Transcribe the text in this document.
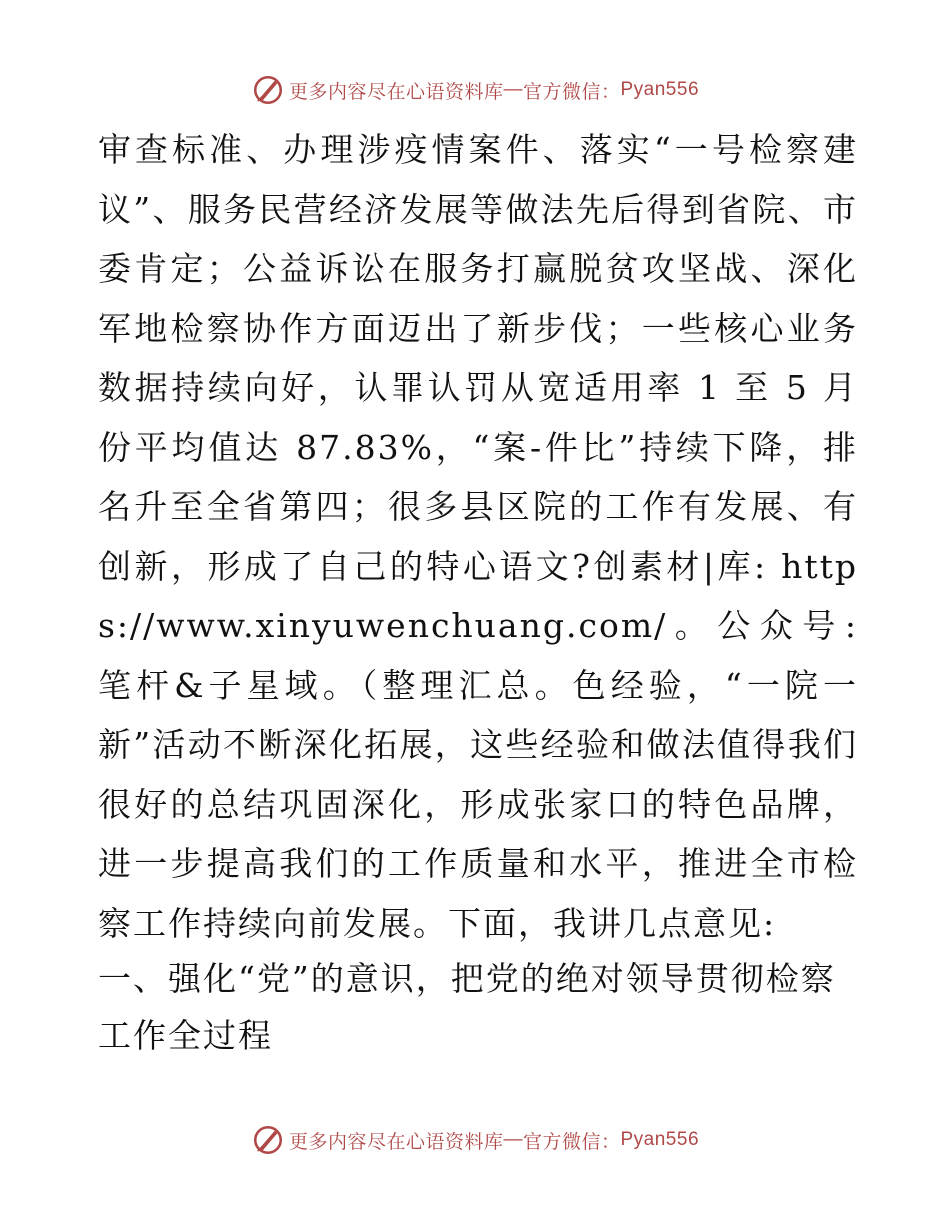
更多内容尽在心语资料库 — 官方微信： Pyan556

审查标准、办理涉疫情案件、落实“一号检察建议”、服务民营经济发展等做法先后得到省院、市委肯定；公益诉讼在服务打赢脱贫攻坚战、深化军地检察协作方面迈出了新步伐；一些核心业务数据持续向好，认罪认罚从宽适用率 1 至 5 月份平均值达 87.83%，“案-件比”持续下降，排名升至全省第四；很多县区院的工作有发展、有创新，形成了自己的特心语文?创素材|库: https://www.xinyuwenchuang.com/。公众号: 笔杆&子星域。（整理汇总。色经验，“一院一新”活动不断深化拓展，这些经验和做法值得我们很好的总结巩固深化，形成张家口的特色品牌，进一步提高我们的工作质量和水平，推进全市检察工作持续向前发展。下面，我讲几点意见:

一、强化“党”的意识，把党的绝对领导贯彻检察工作全过程

更多内容尽在心语资料库 — 官方微信： Pyan556
